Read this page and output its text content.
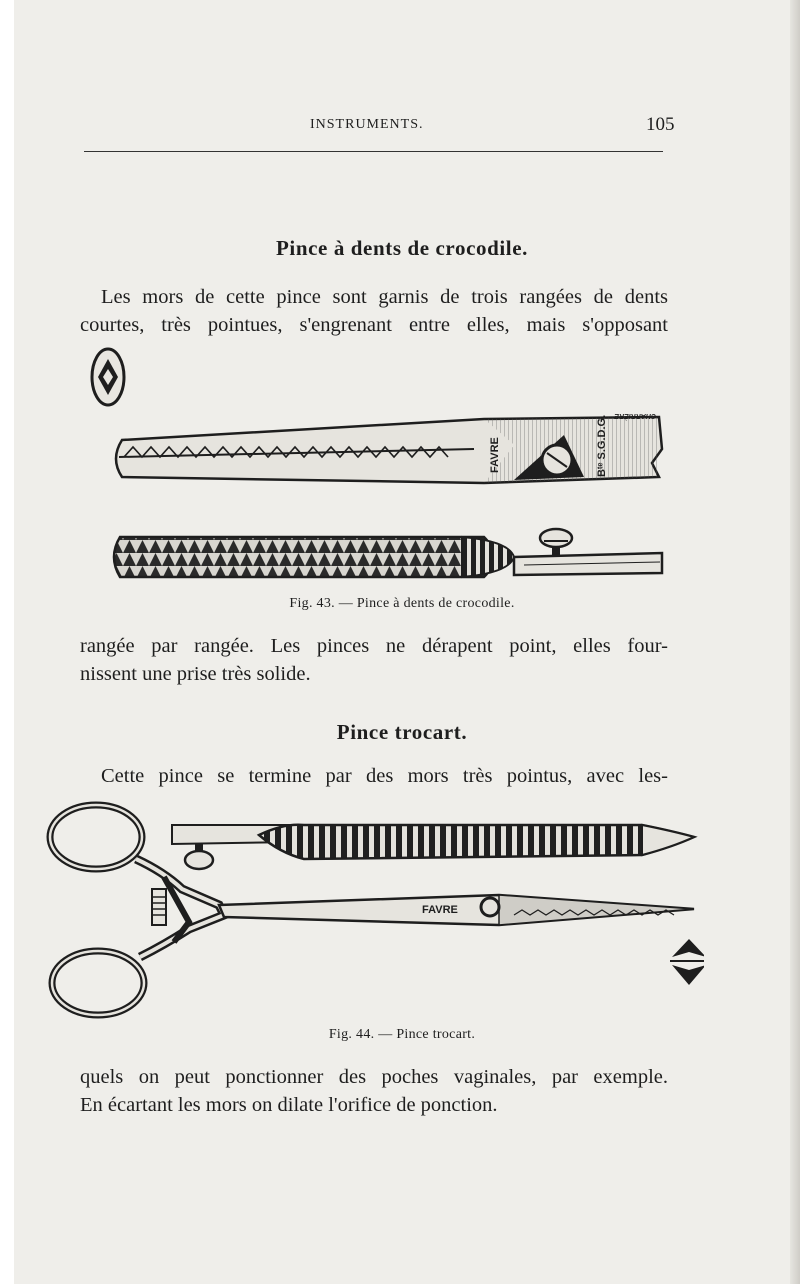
INSTRUMENTS.	105
Pince à dents de crocodile.
Les mors de cette pince sont garnis de trois rangées de dents
courtes, très pointues, s'engrenant entre elles, mais s'opposant
FAVRE	Bᵗᵉ S.G.D.G. CHARRIÈRE
Fig. 43. — Pince à dents de crocodile.
rangée par rangée. Les pinces ne dérapent point, elles four-
nissent une prise très solide.
Pince trocart.
Cette pince se termine par des mors très pointus, avec les-
FAVRE
Fig. 44. — Pince trocart.
quels on peut ponctionner des poches vaginales, par exemple.
En écartant les mors on dilate l'orifice de ponction.
